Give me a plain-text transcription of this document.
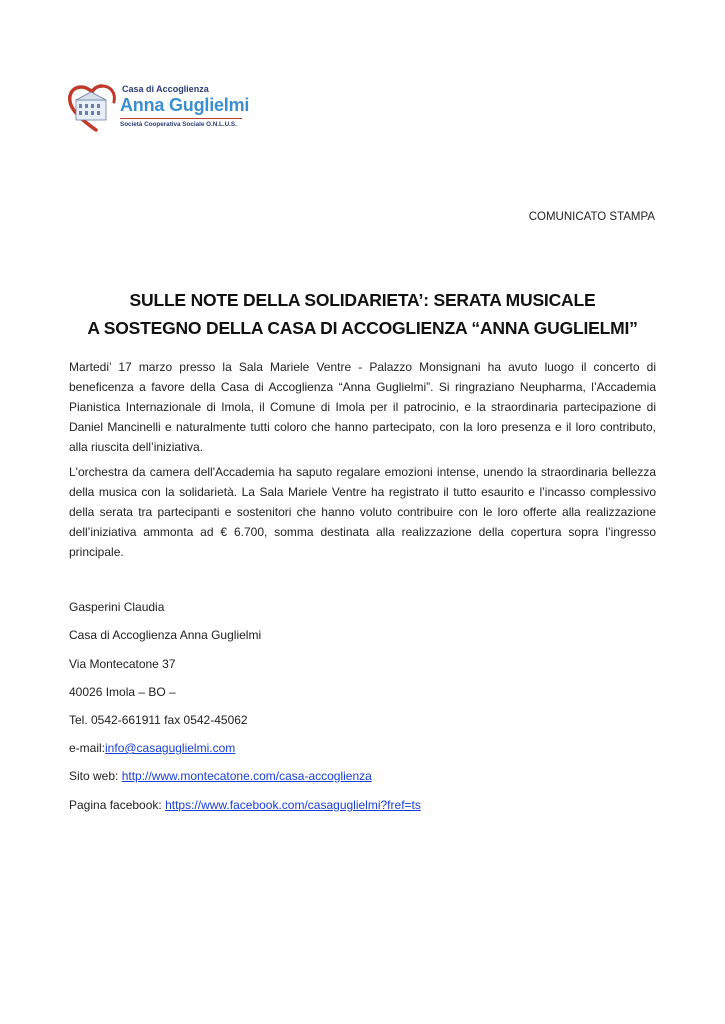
Casa di Accoglienza
Anna Guglielmi
Società Cooperativa Sociale O.N.L.U.S.
COMUNICATO STAMPA
SULLE NOTE DELLA SOLIDARIETA’: SERATA MUSICALE
A SOSTEGNO DELLA CASA DI ACCOGLIENZA “ANNA GUGLIELMI”
Martedi’ 17 marzo presso la Sala Mariele Ventre - Palazzo Monsignani ha avuto luogo il concerto di beneficenza a favore della Casa di Accoglienza “Anna Guglielmi”. Si ringraziano Neupharma, l’Accademia Pianistica Internazionale di Imola, il Comune di Imola per il patrocinio, e la straordinaria partecipazione di Daniel Mancinelli e naturalmente tutti coloro che hanno partecipato, con la loro presenza e il loro contributo, alla riuscita dell’iniziativa.
L'orchestra da camera dell'Accademia ha saputo regalare emozioni intense, unendo la straordinaria bellezza della musica con la solidarietà. La Sala Mariele Ventre ha registrato il tutto esaurito e l’incasso complessivo della serata tra partecipanti e sostenitori che hanno voluto contribuire con le loro offerte alla realizzazione dell’iniziativa ammonta ad € 6.700, somma destinata alla realizzazione della copertura sopra l’ingresso principale.
Gasperini Claudia
Casa di Accoglienza Anna Guglielmi
Via Montecatone 37
40026 Imola – BO –
Tel. 0542-661911 fax 0542-45062
e-mail:info@casaguglielmi.com
Sito web: http://www.montecatone.com/casa-accoglienza
Pagina facebook: https://www.facebook.com/casaguglielmi?fref=ts
